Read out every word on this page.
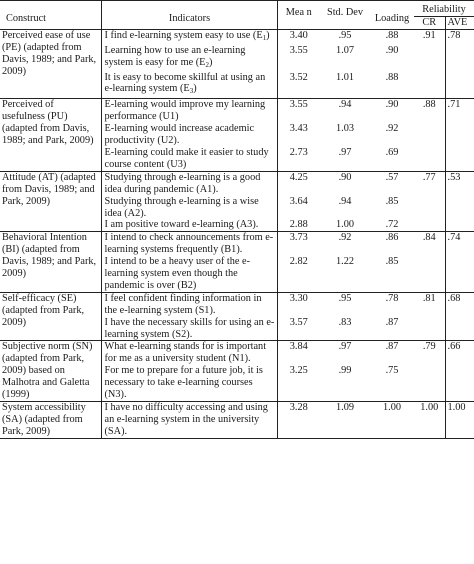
Construct	Indicators	Mea n	Std. Dev	Loading	Reliability	
					CR	AVE
Perceived ease of use (PE) (adapted from Davis, 1989; and Park, 2009)	I find e-learning system easy to use $(E_1)$	3.40	.95	.88	.91	.78
	Learning how to use an e-learning system is easy for me $(E_2)$	3.55	1.07	.90		
	It is easy to become skillful at using an e-learning system $(E_3)$	3.52	1.01	.88		
Perceived of usefulness (PU) (adapted from Davis, 1989; and Park, 2009)	E-learning would improve my learning performance (U1)	3.55	.94	.90	.88	.71
	E-learning would increase academic productivity (U2).	3.43	1.03	.92		
	E-learning could make it easier to study course content (U3)	2.73	.97	.69		
Attitude (AT) (adapted from Davis, 1989; and Park, 2009)	Studying through e-learning is a good idea during pandemic (A1).	4.25	.90	.57	.77	.53
	Studying through e-learning is a wise idea (A2).	3.64	.94	.85		
	I am positive toward e-learning (A3).	2.88	1.00	.72		
Behavioral Intention (BI) (adapted from Davis, 1989; and Park, 2009)	I intend to check announcements from e-learning systems frequently (B1).	3.73	.92	.86	.84	.74
	I intend to be a heavy user of the e-learning system even though the pandemic is over (B2)	2.82	1.22	.85		
Self-efficacy (SE) (adapted from Park, 2009)	I feel confident finding information in the e-learning system (S1).	3.30	.95	.78	.81	.68
	I have the necessary skills for using an e-learning system (S2).	3.57	.83	.87		
Subjective norm (SN) (adapted from Park, 2009) based on Malhotra and Galetta (1999)	What e-learning stands for is important for me as a university student (N1).	3.84	.97	.87	.79	.66
	For me to prepare for a future job, it is necessary to take e-learning courses (N3).	3.25	.99	.75		
System accessibility (SA) (adapted from Park, 2009)	I have no difficulty accessing and using an e-learning system in the university (SA).	3.28	1.09	1.00	1.00	1.00
